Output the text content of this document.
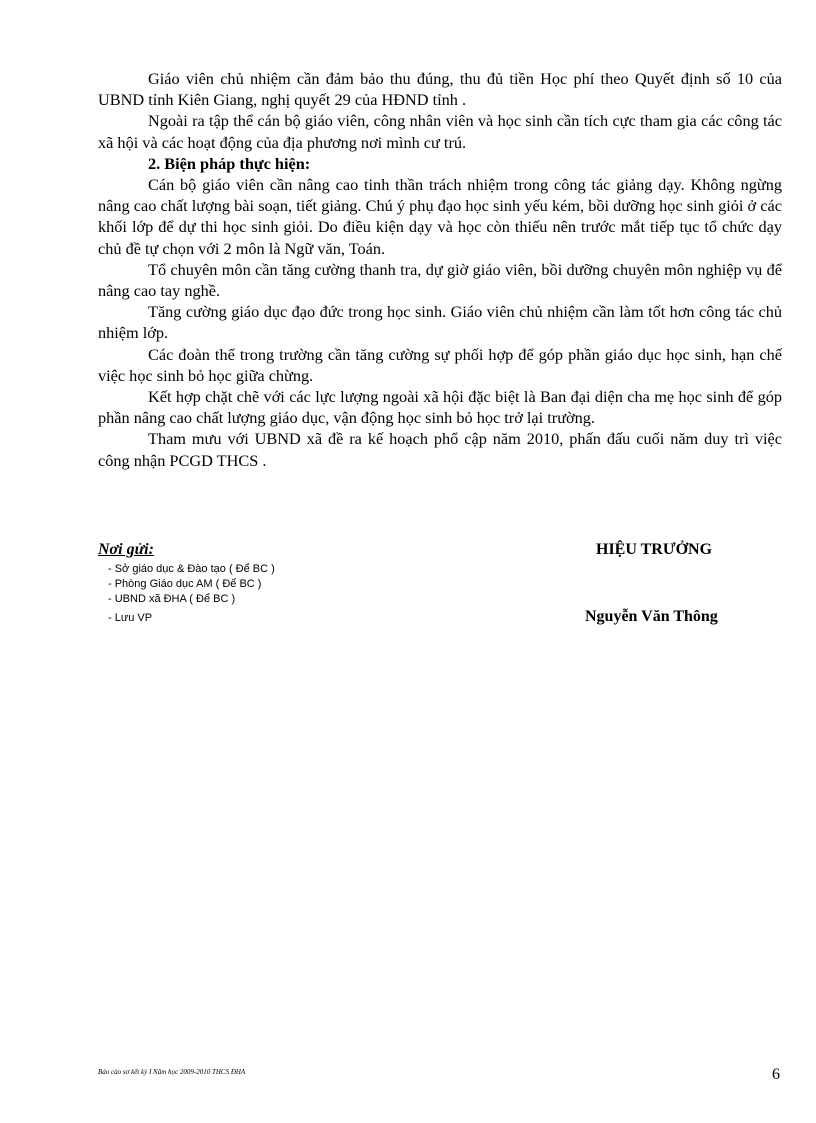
Giáo viên chủ nhiệm cần đảm bảo thu đúng, thu đủ tiền Học phí theo Quyết định số 10 của UBND tỉnh Kiên Giang, nghị quyết 29 của HĐND tỉnh .

Ngoài ra tập thể cán bộ giáo viên, công nhân viên và học sinh cần tích cực tham gia các công tác xã hội và các hoạt động của địa phương nơi mình cư trú.

2. Biện pháp thực hiện:

Cán bộ giáo viên cần nâng cao tinh thần trách nhiệm trong công tác giảng dạy. Không ngừng nâng cao chất lượng bài soạn, tiết giảng. Chú ý phụ đạo học sinh yếu kém, bồi dưỡng học sinh giỏi ở các khối lớp để dự thi học sinh giỏi. Do điều kiện dạy và học còn thiếu nên trước mắt tiếp tục tổ chức dạy chủ đề tự chọn với 2 môn là Ngữ văn, Toán.

Tổ chuyên môn cần tăng cường thanh tra, dự giờ giáo viên, bồi dưỡng chuyên môn nghiệp vụ để nâng cao tay nghề.

Tăng cường giáo dục đạo đức trong học sinh. Giáo viên chủ nhiệm cần làm tốt hơn công tác chủ nhiệm lớp.

Các đoàn thể trong trường cần tăng cường sự phối hợp để góp phần giáo dục học sinh, hạn chế việc học sinh bỏ học giữa chừng.

Kết hợp chặt chẽ với các lực lượng ngoài xã hội đặc biệt là Ban đại diện cha mẹ học sinh để góp phần nâng cao chất lượng giáo dục, vận động học sinh bỏ học trở lại trường.

Tham mưu với UBND xã đề ra kế hoạch phổ cập năm 2010, phấn đấu cuối năm duy trì việc công nhận PCGD THCS .

Nơi gửi:
- Sở giáo dục & Đào tạo ( Để BC )
- Phòng Giáo dục AM ( Để BC )
- UBND xã ĐHA ( Để BC )
- Lưu VP
HIỆU TRƯỞNG
Nguyễn Văn Thông
Báo cáo sơ kết kỳ I Năm học 2009-2010 THCS ĐHA	6
